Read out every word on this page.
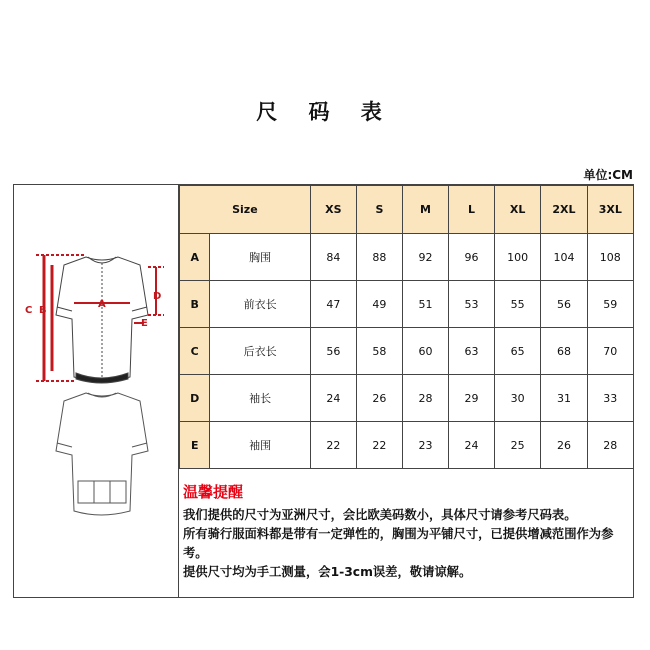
尺 码 表
单位:CM
C B
A
D
E
Size		XS	S	M	L	XL	2XL	3XL
A	胸围	84	88	92	96	100	104	108
B	前衣长	47	49	51	53	55	56	59
C	后衣长	56	58	60	63	65	68	70
D	袖长	24	26	28	29	30	31	33
E	袖围	22	22	23	24	25	26	28
温馨提醒

我们提供的尺寸为亚洲尺寸，会比欧美码数小，具体尺寸请参考尺码表。

所有骑行服面料都是带有一定弹性的，胸围为平铺尺寸，已提供增减范围作为参考。

提供尺寸均为手工测量，会1-3cm误差，敬请谅解。
